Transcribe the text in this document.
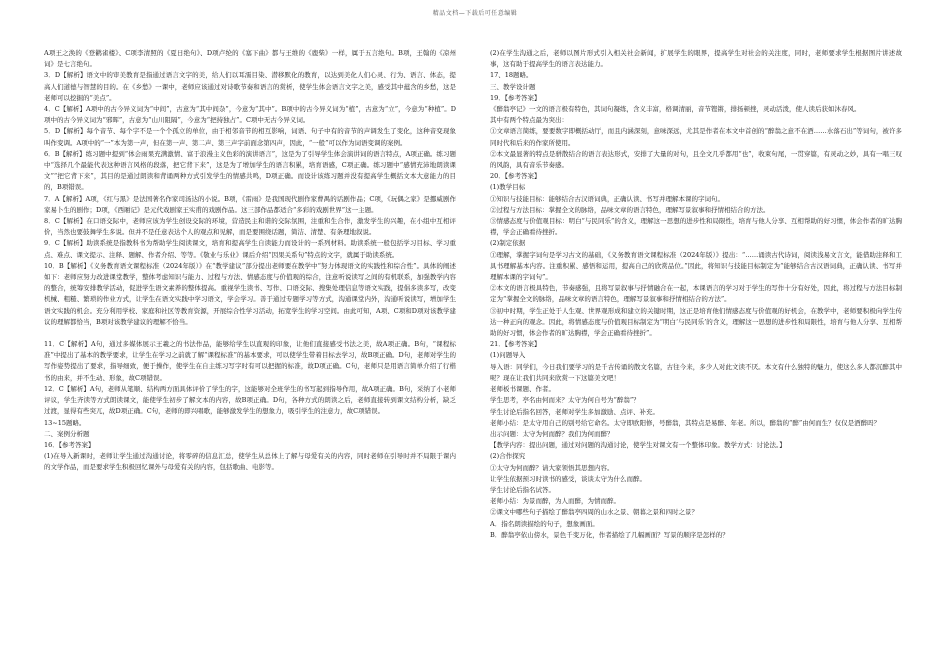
精品文档—下载后可任意编辑

A项王之涣的《登鹳雀楼》、C项李清照的《夏日绝句》、D项卢纶的《塞下曲》都与王维的《鹿柴》一样，属于五言绝句。B项，王翰的《凉州词》是七言绝句。

3．D【解析】语文中的审美教育是指通过语言文字的美，给人们以耳濡目染、潜移默化的教育，以达到美化人们心灵、行为、语言、体态，提高人们道德与智慧的目的。在《乡愁》一课中，老师应该通过对诗歌节奏和语言的赏析，使学生体会语言文字之美，感受其中蕴含的乡愁，这是老师可以挖掘的“美点”。

4．C【解析】A项中的古今异义词为“中间”，古意为“其中间杂”，今意为“其中”。B项中的古今异义词为“植”，古意为“立”，今意为“种植”。D项中的古今异义词为“邪晖”，古意为“山川阻隔”，今意为“把持独占”。C项中无古今异义词。

5．D【解析】每个音节、每个字不是一个个孤立的单位，由于相邻音节的相互影响，词语、句子中有的音节的声调发生了变化，这种音变现象叫作变调。A项中的“一”本为第一声，但在第一声、第二声、第三声字前面念第四声，因此，“一般”可以作为词语变调的案例。

6．B【解析】练习题中提到“体会雨果充满激情、富于浪漫主义色彩的演讲语言”，这是为了引导学生体会演讲词的语言特点，A项正确。练习题中“选择几个最能代表这种语言风格的段落，把它背下来”，这是为了增加学生的语言积累，培育语感，C项正确。练习题中“感情充沛地朗读课文”“把它背下来”，其目的是通过朗读和背诵两种方式引发学生的情感共鸣，D项正确。而设计该练习题并没有提高学生概括文本大意能力的目的，B项错误。

7．A【解析】A项，《红与黑》是法国著名作家司汤达的小说。B项，《雷雨》是我国现代剧作家曹禺的话剧作品；C项，《玩偶之家》是挪威剧作家易卜生的剧作；D项，《西厢记》是元代戏剧家王实甫的戏剧作品。这三部作品都适合“多彩的戏剧世界”这一主题。

8．C【解析】在口语交际中，老师应该为学生创设交际的环境，营造民主和谐的交际氛围，注重和生合作，激发学生的兴趣，在小组中互相评价，当然也要鼓舞学生多说。但并不是任意表达个人的观点和见解，而是要围绕话题，简洁、清楚、有条理地叙说。

9．C【解析】助读系统是指教科书为帮助学生阅读课文，培育和提高学生自读能力而设计的一系列材料。助读系统一般包括学习目标、学习重点、难点、课文提示、注释、题解、作者介绍、等等。《敬业与乐业》课后介绍“因果关系句”特点的文字，就属于助读系统。

10．B【解析】《义务教育语文课程标准（2024年版）》在“教学建议”部分提出老师要在教学中“努力体现语文的实践性和综合性”。具体的阐述如下：老师应努力改进课堂教学，整体考虑知识与能力、过程与方法、情感态度与价值观的综合，注意听说读写之间的有机联系，加强教学内容的整合，统筹安排教学活动，促进学生语文素养的整体提高。重视学生读书、写作、口语交际、搜集处理信息等语文实践，提倡多读多写，改变机械、粗糙、繁琐的作业方式，让学生在语文实践中学习语文，学会学习。善于通过专题学习等方式，沟通课堂内外，沟通听说读写，增加学生语文实践的机会。充分利用学校、家庭和社区等教育资源，开展综合性学习活动，拓宽学生的学习空间。由此可知，A项、C项和D项对该教学建议的理解都恰当，B项对该教学建议的理解不恰当。

11．C【解析】A句，通过多媒体展示王羲之的书法作品，能够给学生以直观的印象，让他们直接感受书法之美，故A项正确。B句，“课程标准”中提出了基本的教学要求，让学生在学习之前就了解“课程标准”的基本要求，可以使学生带着目标去学习，故B项正确。D句，老师对学生的写作姿势提出了要求，指导细致，便于操作，使学生在自主练习写字时有可以把握的标准，故D项正确。C句，老师只是用语言简单介绍了行楷书的由来，并不生动、形象，故C项错误。

12．C【解析】A句，老师从笔顺、结构两方面具体评价了学生的字，这能够对全班学生的书写起到指导作用，故A项正确。B句，采纳了小老师评议，学生齐读等方式朗读课文，能使学生初步了解文本的内容，故B项正确。D句，各种方式的朗读之后，老师直接转到课文结构分析，缺乏过渡，显得有些突兀，故D项正确。C句，老师的即兴唱歌，能够激发学生的想象力，吸引学生的注意力，故C项错误。

13~15题略。

二、案例分析题

16．【参考答案】

(1)在导入新课时，老师让学生通过沟通讨论，将零碎的信息汇总，使学生从总体上了解与母爱有关的内容，同时老师在引导时并不局限于课内的文学作品，而是要求学生积极回忆课外与母爱有关的内容，包括歌曲、电影等。

(2)在学生沟通之后，老师以图片形式引入相关社会新闻，扩展学生的眼界，提高学生对社会的关注度，同时，老师要求学生根据图片讲述故事，这有助于提高学生的语言表达能力。

17、18题略。

三、教学设计题

19．【参考答案】

《醉翁亭记》一文的语言极有特色，其词句凝练，含义丰富，格调清丽，音节铿锵，排扬顿挫，灵动活泼，使人读后获如沐春风。

其中有两个特点最为突出：

①文章语言简练，要要数字即概括动厅，而且内涵深刻，意味深远，尤其是作者在本文中首创的“醉翁之意不在酒……水落石出”等词句，被许多同时代和后来的作家所使用。

②本文最显著的特点是骈散结合的语言表达形式，安排了大量的对句，且全文几乎都用“也”，收束句尾，一贯穿篇，有灵动之妙，具有一唱三叹的风韵，具有音乐节奏感。

20．【参考答案】

(1)教学目标

①知识与技能目标：能够结合古汉语词典，正确认读、书写并理解本课的字词句。

②过程与方法目标：掌握全文的脉络，品味文章的语言特色，理解写景叙事和抒情相结合的方法。

③情感态度与价值观目标：明白“与民同乐”的含义，理解这一思想的进步性和局限性，培育与他人分享、互相帮助的好习惯，体会作者的旷达胸襟，学会正确看待挫折。

(2)制定依据

①理解，掌握字词句是学习古文的基础，《义务教育语文课程标准（2024年版）》提出：“……诵读古代诗词，阅读浅易文言文，能借助注释和工具书理解基本内容。注重积累、感悟和运用，提高自己的欣赏品位。”因此，将知识与技能目标制定为“能够结合古汉语词典，正确认读、书写并理解本课的字词句”。

②本文的语言极具特色，节奏感强，且将写景叙事与抒情融合在一起，本课语言的学习对于学生的写作十分有好处，因此，将过程与方法目标制定为“掌握全文的脉络，品味文章的语言特色，理解写景叙事和抒情相结合的方法”。

③初中时期，学生正处于人生观、世界观形成和建立的关键时期，这正是培育他们情感态度与价值观的好机会，在教学中，老师要积极向学生传达一种正向的观念。因此，将情感态度与价值观目标制定为“明白‘与民同乐’的含义，理解这一思想的进步性和局限性，培育与他人分享、互相帮助的好习惯，体会作者的旷达胸襟，学会正确看待挫折”。

21．【参考答案】

(1)问题导入

导入语：同学们，今日我们要学习的是千古传诵的散文名篇，古往今来，多少人对此文读不厌。本文有什么独特的魅力，使这么多人都沉醉其中呢？现在让我们共同来欣赏一下这篇美文吧！

老师板书课题、作者。

学生思考，亭名由何而来？太守为何自号为“醉翁”？

学生讨论后指名回答，老师对学生多加激励、点评、补充。

老师小结：是太守用自己的别号给它命名。太守即欧阳修，号醉翁，其特点是易醉、年老。所以，醉翁的“醉”由何而生？仅仅是酒醉吗？

出示问题：太守为何而醉？我们为何而醉？

【教学内容：提出问题，通过对问题的沟通讨论，使学生对课文有一个整体印象。教学方式：讨论法。】

(2)合作探究

①太守为何而醉？请大家领悟其思想内容。

让学生依据预习时读书的感受，谈谈太守为什么而醉。

学生讨论后指名试答。

老师小结：为景而醉，为人而醉，为情而醉。

②课文中哪些句子描绘了醉翁亭四周的山水之景、朝暮之景和四时之景？

A．指名朗读描绘的句子，想象画面。

B．醉翁亭依山傍水，景色千变万化，作者描绘了几幅画面？写景的顺序是怎样的？
